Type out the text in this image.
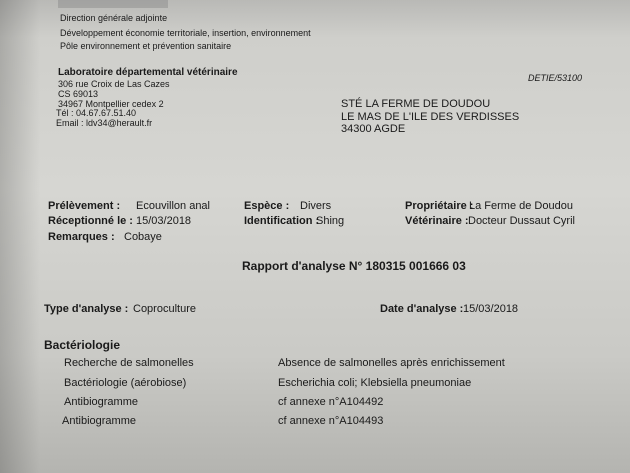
Direction générale adjointe
Développement économie territoriale, insertion, environnement
Pôle environnement et prévention sanitaire
Laboratoire départemental vétérinaire
306 rue Croix de Las Cazes
CS 69013
34967 Montpellier cedex 2
Tél : 04.67.67.51.40
Email : ldv34@herault.fr
DETIE/53100
STÉ LA FERME DE DOUDOU
LE MAS DE L'ILE DES VERDISSES
34300 AGDE
Prélèvement : Ecouvillon anal
Réceptionné le : 15/03/2018
Remarques : Cobaye
Espèce : Divers
Identification :
Shing
Propriétaire :
La Ferme de Doudou
Vétérinaire : Docteur Dussaut Cyril
Rapport d'analyse N° 180315 001666 03
Type d'analyse : Coproculture	Date d'analyse : 15/03/2018
Bactériologie
Recherche de salmonelles	Absence de salmonelles après enrichissement
Bactériologie (aérobiose)	Escherichia coli; Klebsiella pneumoniae
Antibiogramme	cf annexe n°A104492
Antibiogramme	cf annexe n°A104493
